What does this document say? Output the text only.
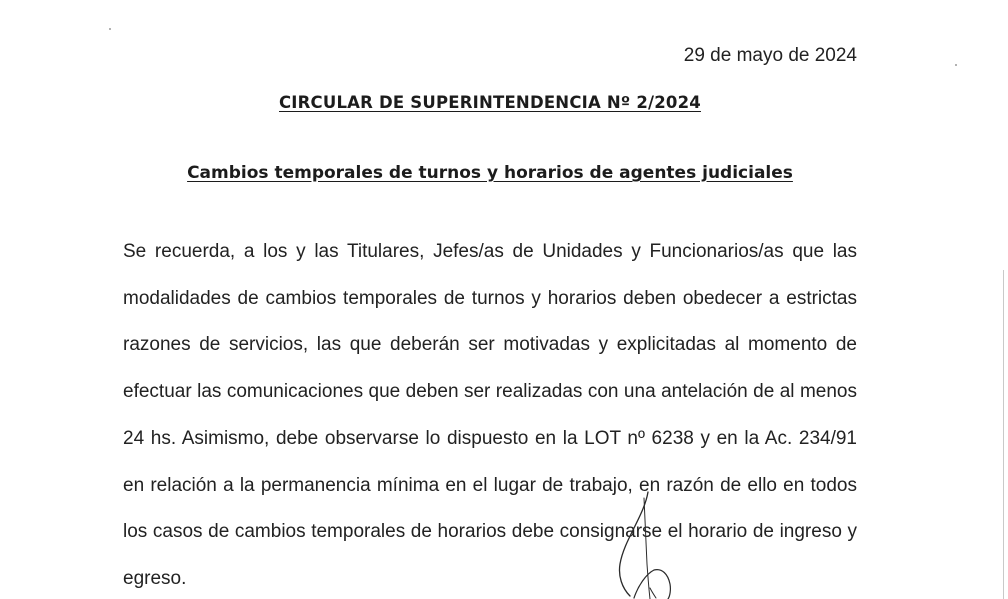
29 de mayo de 2024
CIRCULAR DE SUPERINTENDENCIA Nº 2/2024
Cambios temporales de turnos y horarios de agentes judiciales

Se recuerda, a los y las Titulares, Jefes/as de Unidades y Funcionarios/as que las modalidades de cambios temporales de turnos y horarios deben obedecer a estrictas razones de servicios, las que deberán ser motivadas y explicitadas al momento de efectuar las comunicaciones que deben ser realizadas con una antelación de al menos 24 hs. Asimismo, debe observarse lo dispuesto en la LOT nº 6238 y en la Ac. 234/91 en relación a la permanencia mínima en el lugar de trabajo, en razón de ello en todos los casos de cambios temporales de horarios debe consignarse el horario de ingreso y egreso.
